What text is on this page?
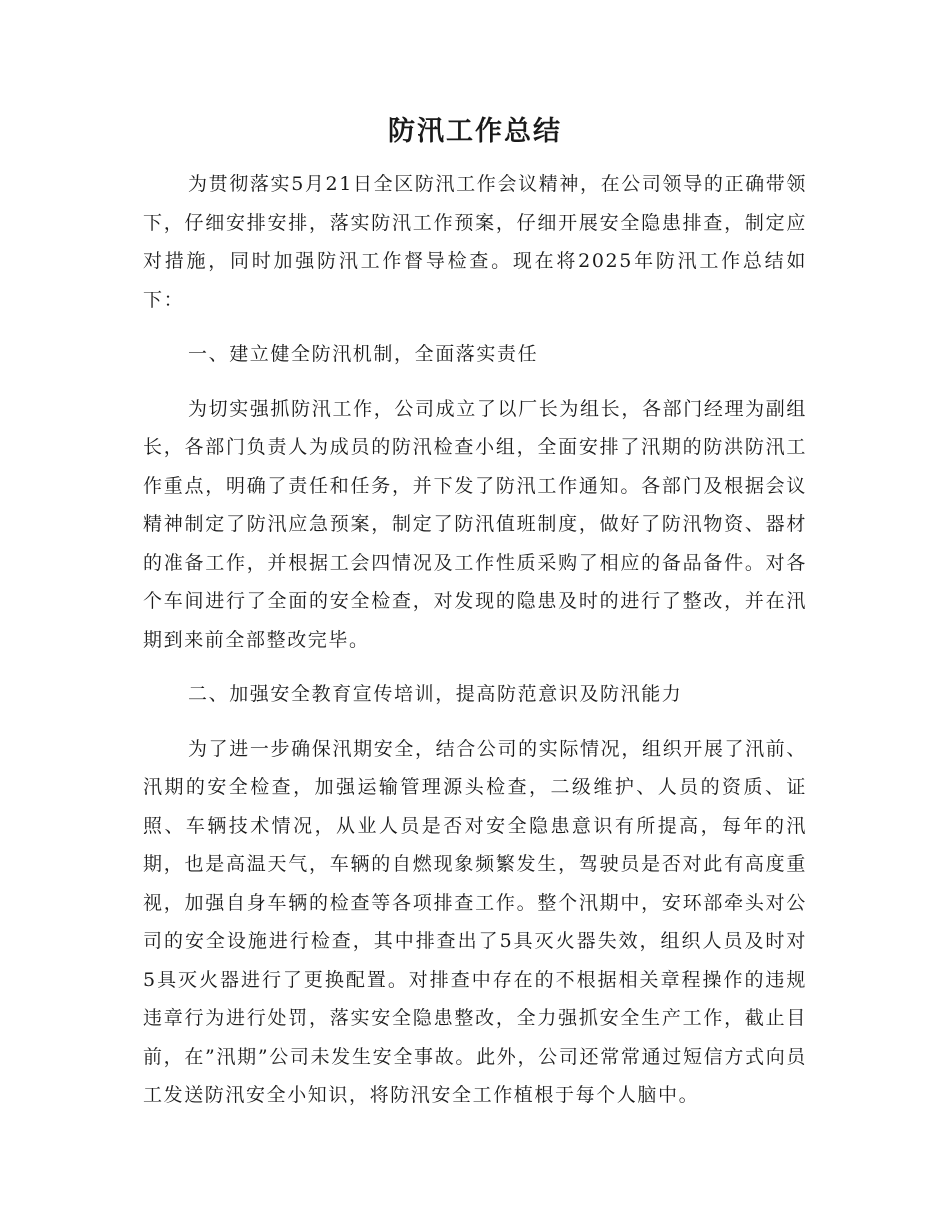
防汛工作总结

为贯彻落实5月21日全区防汛工作会议精神，在公司领导的正确带领下，仔细安排安排，落实防汛工作预案，仔细开展安全隐患排查，制定应对措施，同时加强防汛工作督导检查。现在将2025年防汛工作总结如下：

一、建立健全防汛机制，全面落实责任

为切实强抓防汛工作，公司成立了以厂长为组长，各部门经理为副组长，各部门负责人为成员的防汛检查小组，全面安排了汛期的防洪防汛工作重点，明确了责任和任务，并下发了防汛工作通知。各部门及根据会议精神制定了防汛应急预案，制定了防汛值班制度，做好了防汛物资、器材的准备工作，并根据工会四情况及工作性质采购了相应的备品备件。对各个车间进行了全面的安全检查，对发现的隐患及时的进行了整改，并在汛期到来前全部整改完毕。

二、加强安全教育宣传培训，提高防范意识及防汛能力

为了进一步确保汛期安全，结合公司的实际情况，组织开展了汛前、汛期的安全检查，加强运输管理源头检查，二级维护、人员的资质、证照、车辆技术情况，从业人员是否对安全隐患意识有所提高，每年的汛期，也是高温天气，车辆的自燃现象频繁发生，驾驶员是否对此有高度重视，加强自身车辆的检查等各项排查工作。整个汛期中，安环部牵头对公司的安全设施进行检查，其中排查出了5具灭火器失效，组织人员及时对5具灭火器进行了更换配置。对排查中存在的不根据相关章程操作的违规违章行为进行处罚，落实安全隐患整改，全力强抓安全生产工作，截止目前，在”汛期”公司未发生安全事故。此外，公司还常常通过短信方式向员工发送防汛安全小知识，将防汛安全工作植根于每个人脑中。
